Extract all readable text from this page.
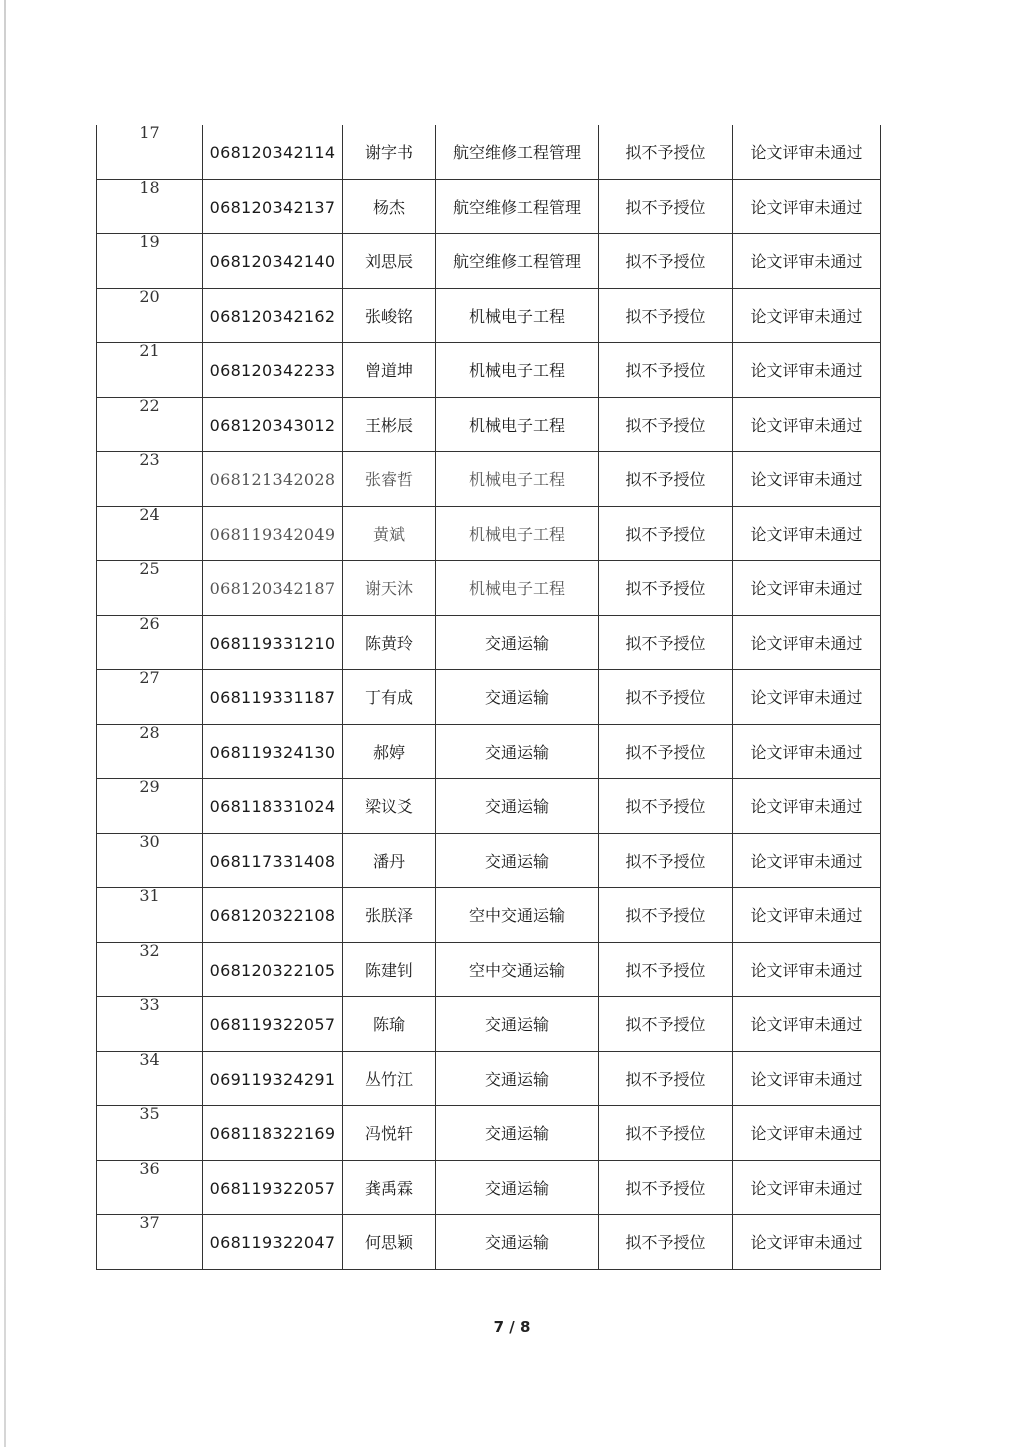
17	068120342114	谢字书	航空维修工程管理	拟不予授位	论文评审未通过

18	068120342137	杨杰	航空维修工程管理	拟不予授位	论文评审未通过

19	068120342140	刘思辰	航空维修工程管理	拟不予授位	论文评审未通过

20	068120342162	张峻铭	机械电子工程	拟不予授位	论文评审未通过

21	068120342233	曾道坤	机械电子工程	拟不予授位	论文评审未通过

22	068120343012	王彬辰	机械电子工程	拟不予授位	论文评审未通过

23	068121342028	张睿哲	机械电子工程	拟不予授位	论文评审未通过

24	068119342049	黄斌	机械电子工程	拟不予授位	论文评审未通过

25	068120342187	谢天沐	机械电子工程	拟不予授位	论文评审未通过

26	068119331210	陈黄玲	交通运输	拟不予授位	论文评审未通过

27	068119331187	丁有成	交通运输	拟不予授位	论文评审未通过

28	068119324130	郝婷	交通运输	拟不予授位	论文评审未通过

29	068118331024	梁议爻	交通运输	拟不予授位	论文评审未通过

30	068117331408	潘丹	交通运输	拟不予授位	论文评审未通过

31	068120322108	张朕泽	空中交通运输	拟不予授位	论文评审未通过

32	068120322105	陈建钊	空中交通运输	拟不予授位	论文评审未通过

33	068119322057	陈瑜	交通运输	拟不予授位	论文评审未通过

34	069119324291	丛竹江	交通运输	拟不予授位	论文评审未通过

35	068118322169	冯悦轩	交通运输	拟不予授位	论文评审未通过

36	068119322057	龚禹霖	交通运输	拟不予授位	论文评审未通过

37	068119322047	何思颖	交通运输	拟不予授位	论文评审未通过
7 / 8
